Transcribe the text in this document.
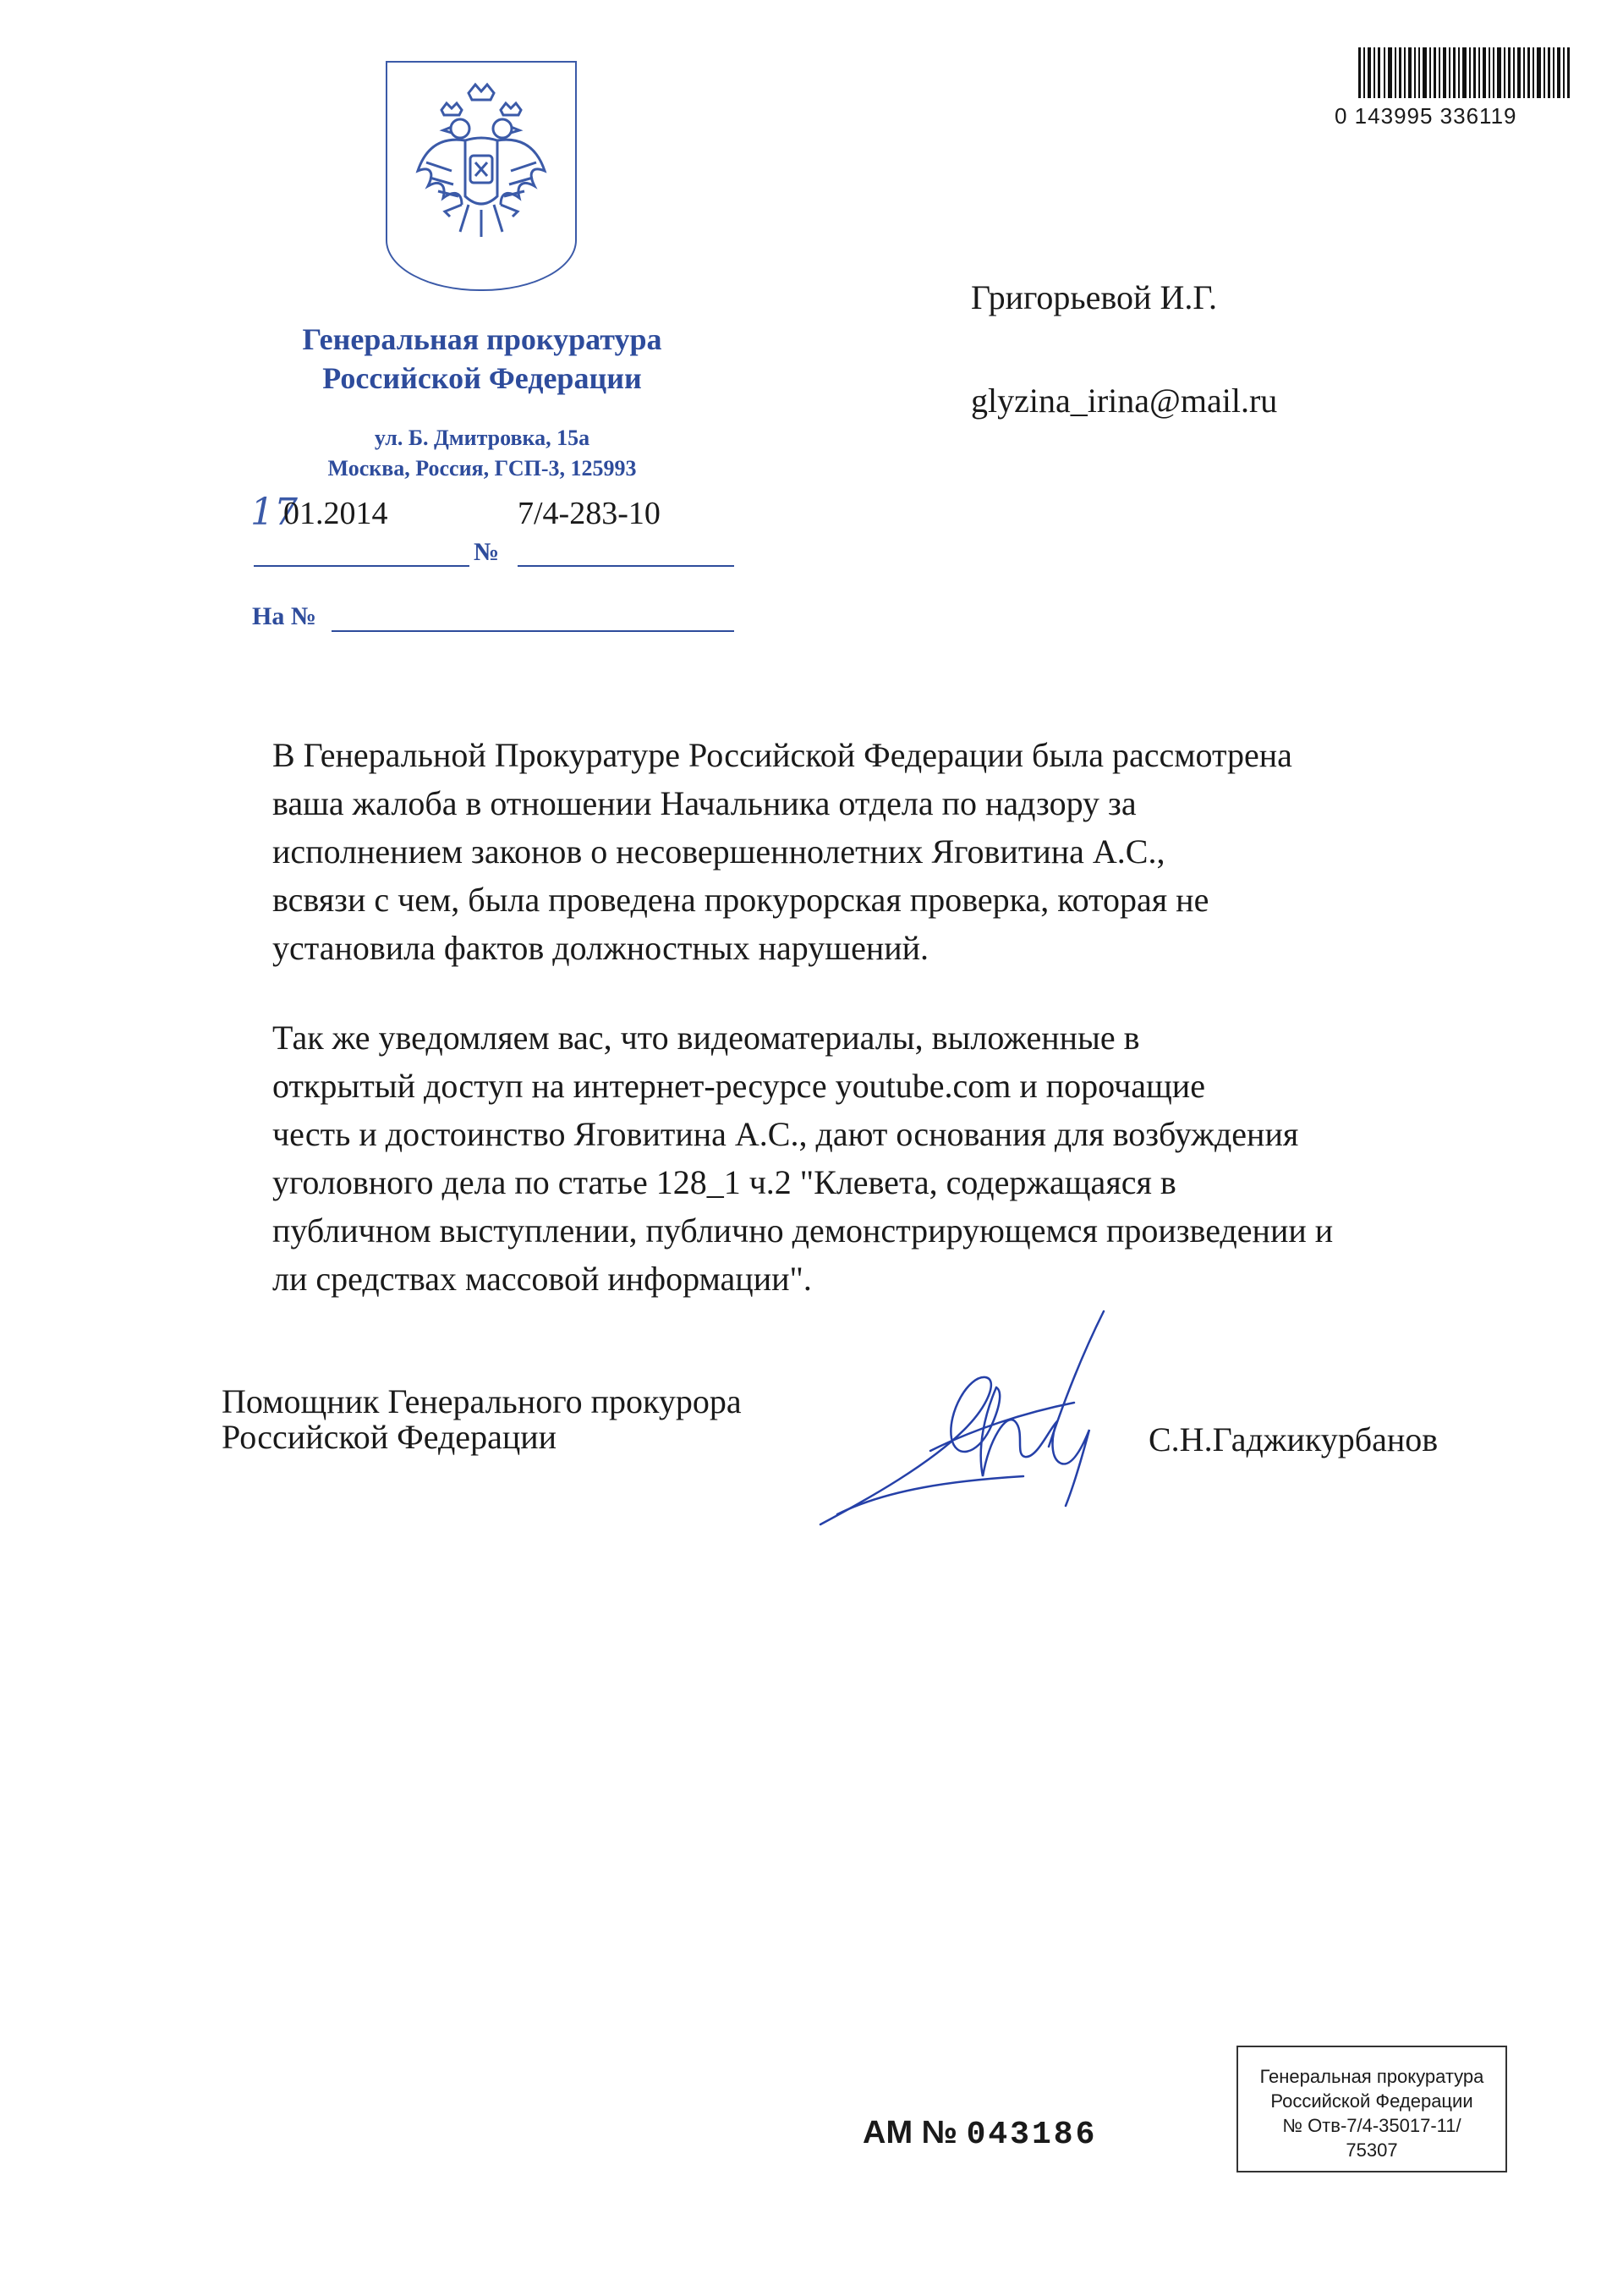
0 143995 336119
Генеральная прокуратура
Российской Федерации
ул. Б. Дмитровка, 15а
Москва, Россия, ГСП-3, 125993
17
01.2014	7/4-283-10
№
На №
Григорьевой И.Г.
glyzina_irina@mail.ru
В Генеральной Прокуратуре Российской Федерации была рассмотрена
ваша жалоба в отношении Начальника отдела по надзору за
исполнением законов о несовершеннолетних Яговитина А.С.,
всвязи с чем, была проведена прокурорская проверка, которая не
установила фактов должностных нарушений.
Так же уведомляем вас, что видеоматериалы, выложенные в
открытый доступ на интернет-ресурсе youtube.com и порочащие
честь и достоинство Яговитина А.С., дают основания для возбуждения
уголовного дела по статье 128_1 ч.2 "Клевета, содержащаяся в
публичном выступлении, публично демонстрирующемся произведении и
ли средствах массовой информации".
Помощник Генерального прокурора
Российской Федерации	С.Н.Гаджикурбанов
Генеральная прокуратура
Российской Федерации
№ Отв-7/4-35017-11/
75307
АМ № 043186
